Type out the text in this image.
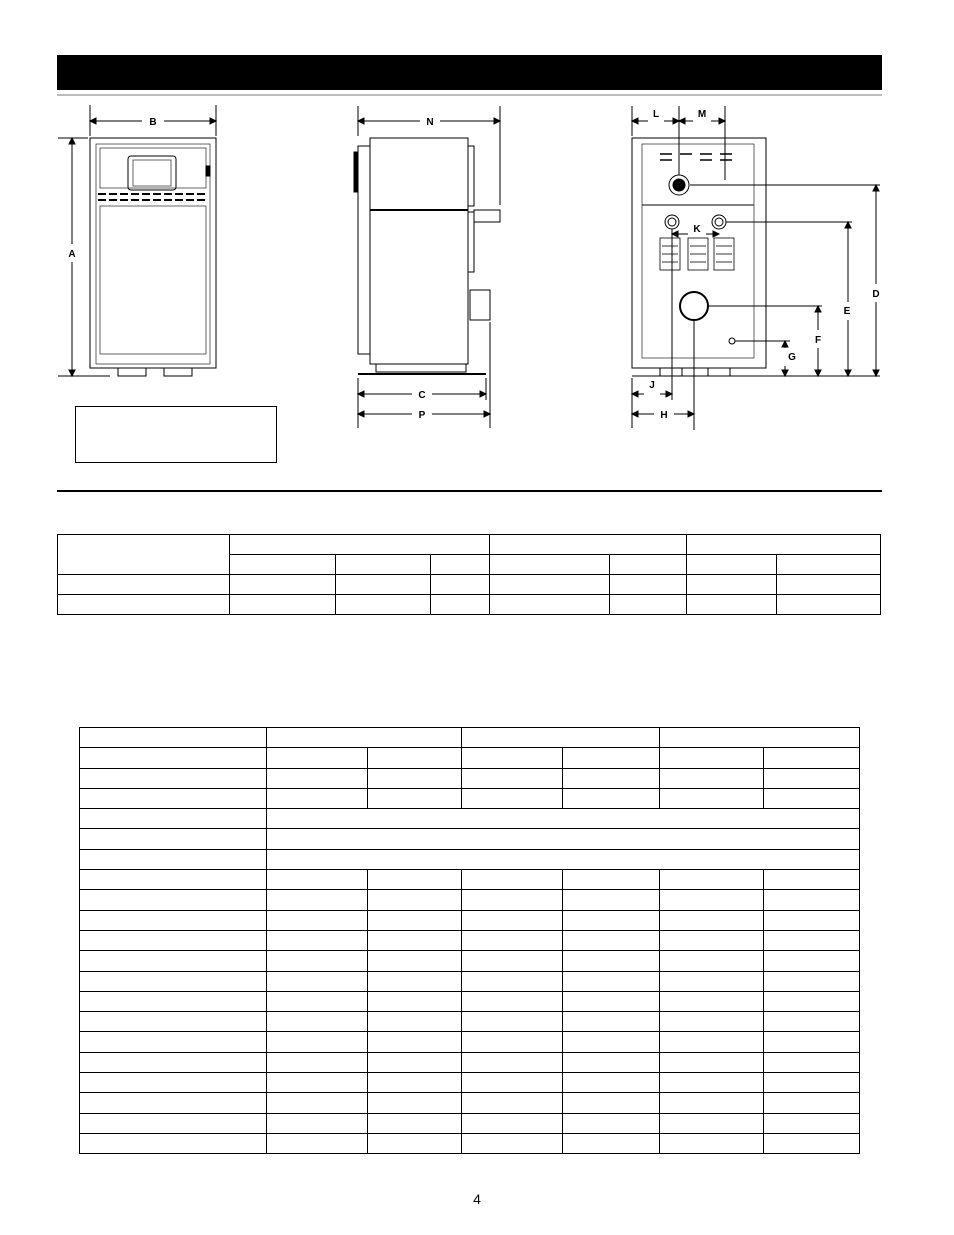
B
A
N
C
P
L	M
K
D
E
F
G
J
H

4
